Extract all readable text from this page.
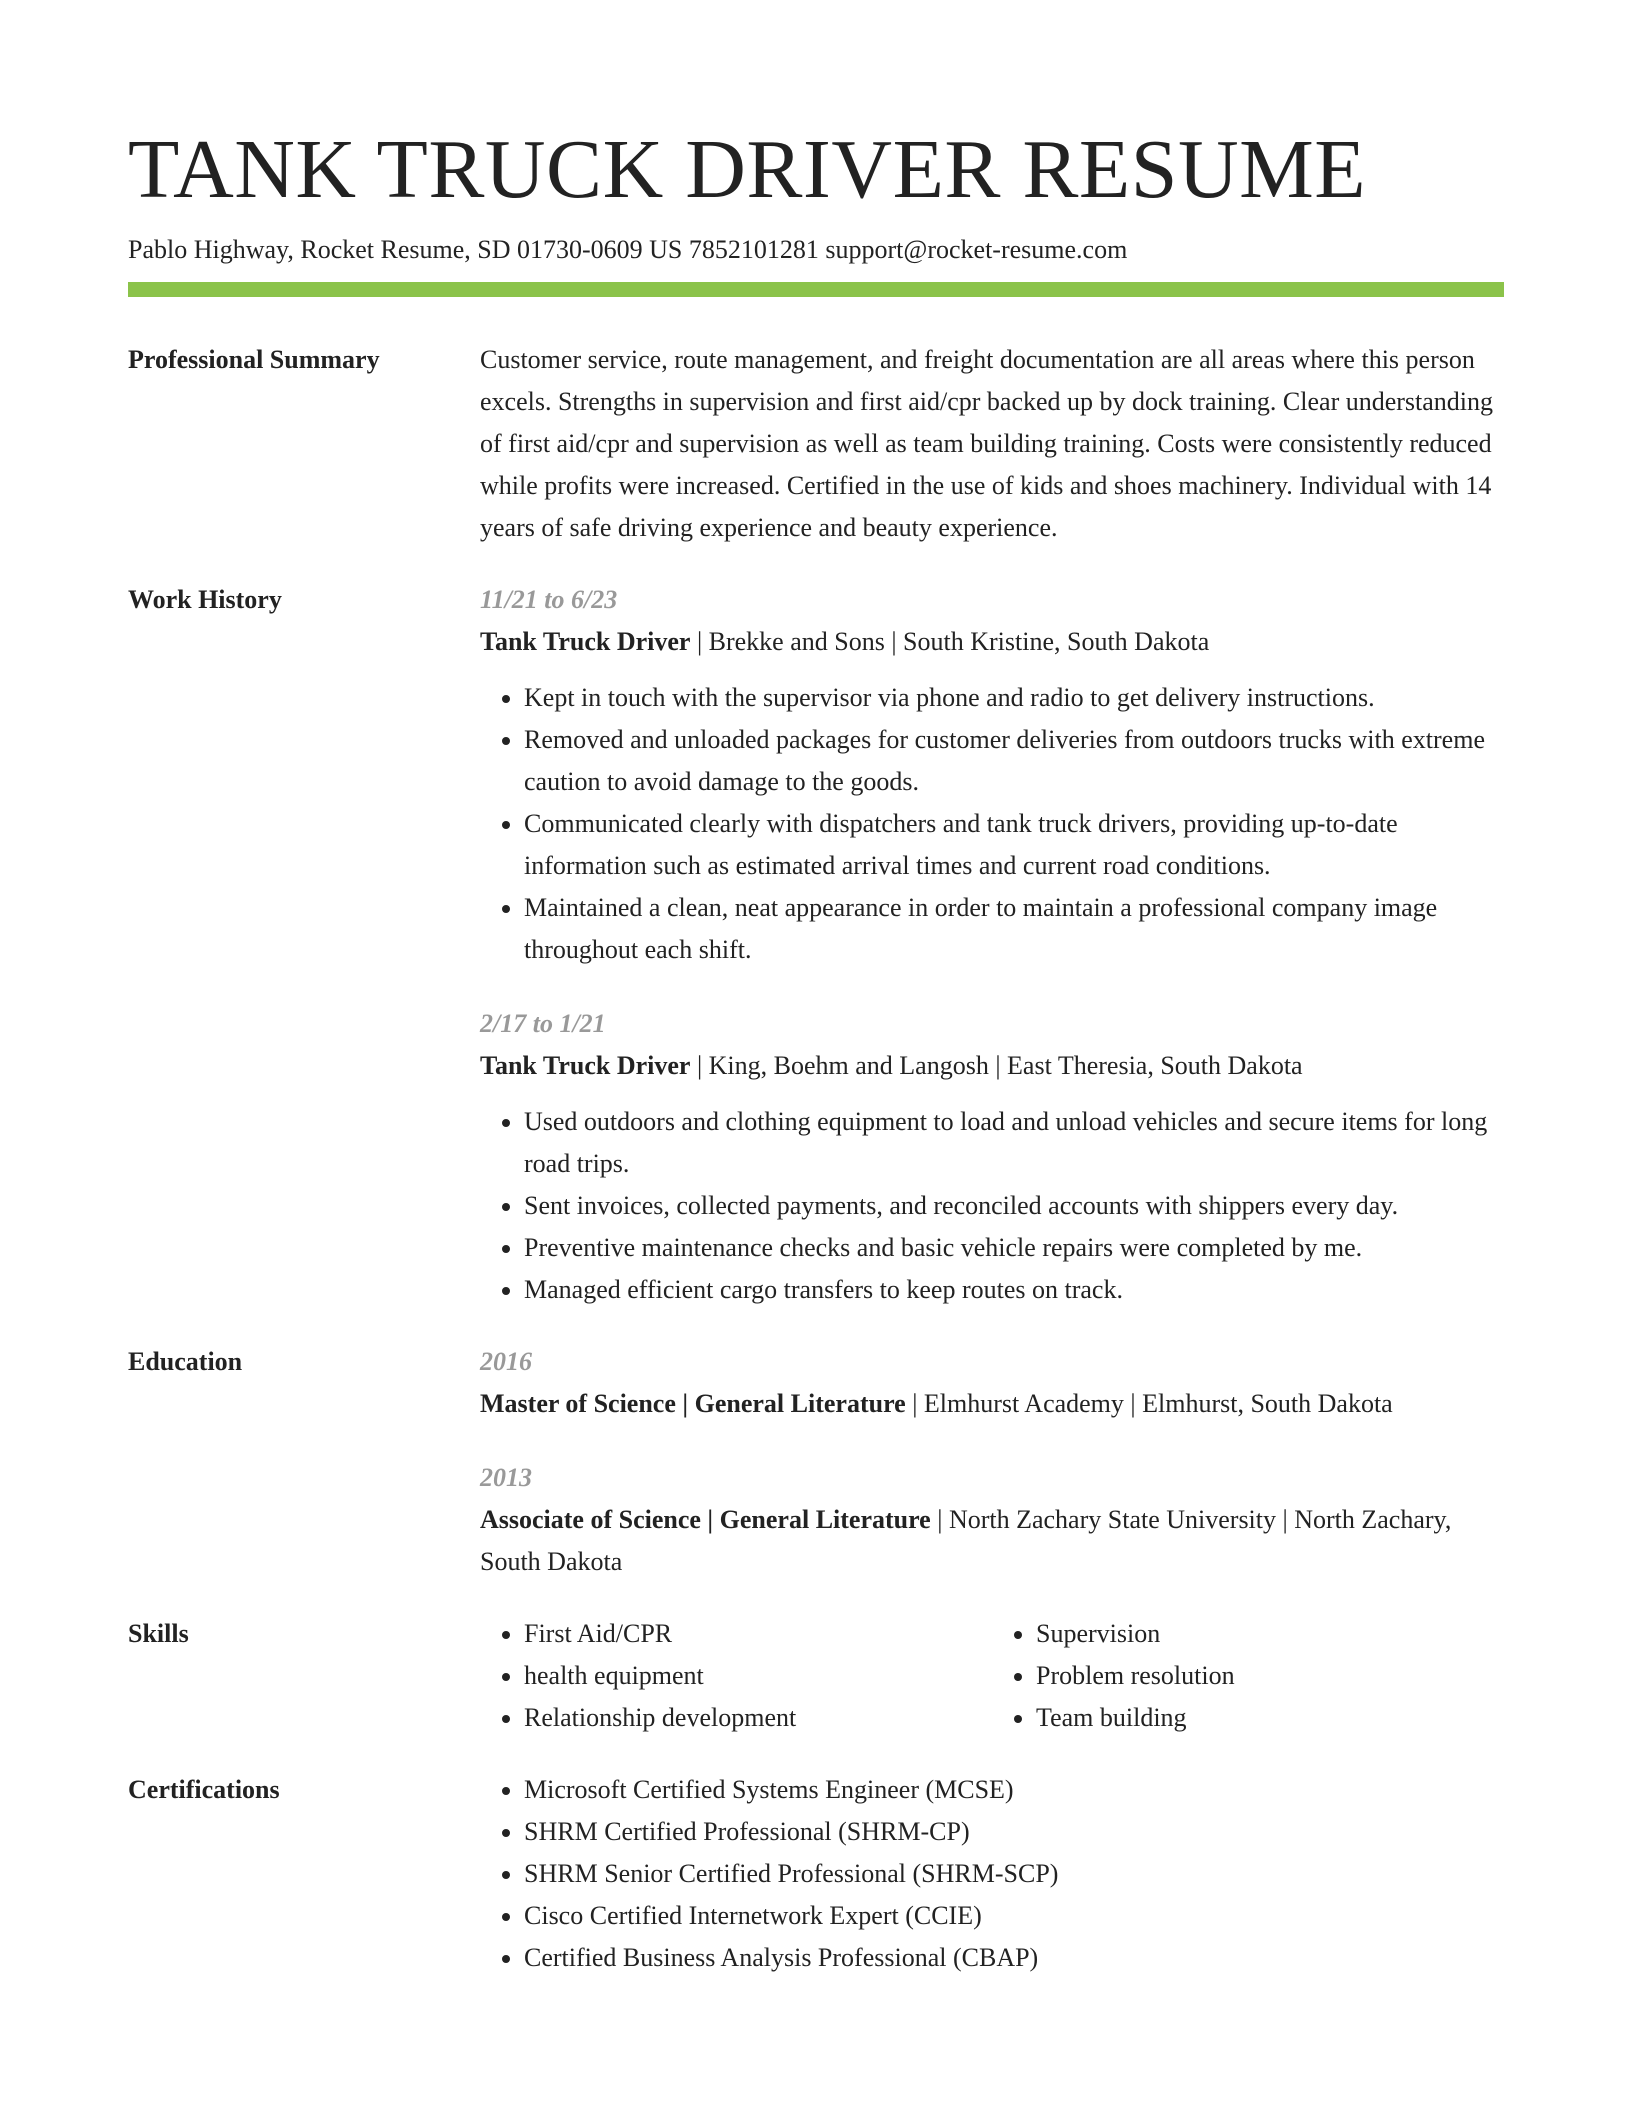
TANK TRUCK DRIVER RESUME
Pablo Highway, Rocket Resume, SD 01730-0609 US 7852101281 support@rocket-resume.com
Professional Summary	Customer service, route management, and freight documentation are all areas where this person excels. Strengths in supervision and first aid/cpr backed up by dock training. Clear understanding of first aid/cpr and supervision as well as team building training. Costs were consistently reduced while profits were increased. Certified in the use of kids and shoes machinery. Individual with 14 years of safe driving experience and beauty experience.

Work History	11/21 to 6/23
Tank Truck Driver | Brekke and Sons | South Kristine, South Dakota
• Kept in touch with the supervisor via phone and radio to get delivery instructions.
• Removed and unloaded packages for customer deliveries from outdoors trucks with extreme caution to avoid damage to the goods.
• Communicated clearly with dispatchers and tank truck drivers, providing up-to-date information such as estimated arrival times and current road conditions.
• Maintained a clean, neat appearance in order to maintain a professional company image throughout each shift.
2/17 to 1/21
Tank Truck Driver | King, Boehm and Langosh | East Theresia, South Dakota
• Used outdoors and clothing equipment to load and unload vehicles and secure items for long road trips.
• Sent invoices, collected payments, and reconciled accounts with shippers every day.
• Preventive maintenance checks and basic vehicle repairs were completed by me.
• Managed efficient cargo transfers to keep routes on track.
Education	2016
Master of Science | General Literature | Elmhurst Academy | Elmhurst, South Dakota
2013
Associate of Science | General Literature | North Zachary State University | North Zachary, South Dakota
Skills	• First Aid/CPR
• health equipment
• Relationship development
• Supervision
• Problem resolution
• Team building
Certifications	• Microsoft Certified Systems Engineer (MCSE)
• SHRM Certified Professional (SHRM-CP)
• SHRM Senior Certified Professional (SHRM-SCP)
• Cisco Certified Internetwork Expert (CCIE)
• Certified Business Analysis Professional (CBAP)
